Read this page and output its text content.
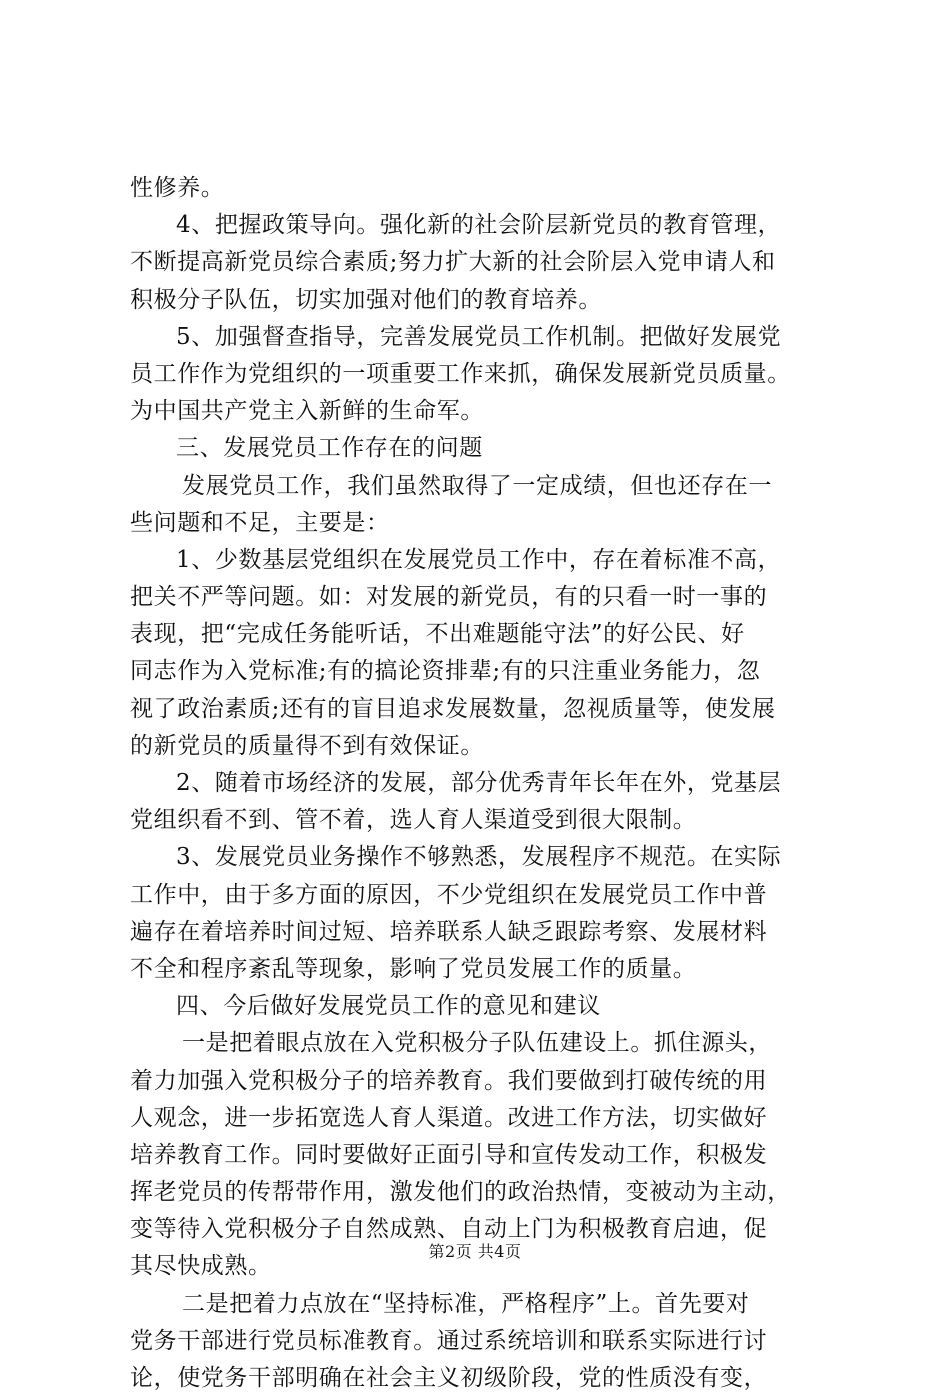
性修养。
4、把握政策导向。强化新的社会阶层新党员的教育管理，
不断提高新党员综合素质;努力扩大新的社会阶层入党申请人和
积极分子队伍，切实加强对他们的教育培养。
5、加强督查指导，完善发展党员工作机制。把做好发展党
员工作作为党组织的一项重要工作来抓，确保发展新党员质量。
为中国共产党主入新鲜的生命军。
三、发展党员工作存在的问题
发展党员工作，我们虽然取得了一定成绩，但也还存在一
些问题和不足，主要是：
1、少数基层党组织在发展党员工作中，存在着标准不高，
把关不严等问题。如：对发展的新党员，有的只看一时一事的
表现，把“完成任务能听话，不出难题能守法”的好公民、好
同志作为入党标准;有的搞论资排辈;有的只注重业务能力，忽
视了政治素质;还有的盲目追求发展数量，忽视质量等，使发展
的新党员的质量得不到有效保证。
2、随着市场经济的发展，部分优秀青年长年在外，党基层
党组织看不到、管不着，选人育人渠道受到很大限制。
3、发展党员业务操作不够熟悉，发展程序不规范。在实际
工作中，由于多方面的原因，不少党组织在发展党员工作中普
遍存在着培养时间过短、培养联系人缺乏跟踪考察、发展材料
不全和程序紊乱等现象，影响了党员发展工作的质量。
四、今后做好发展党员工作的意见和建议
一是把着眼点放在入党积极分子队伍建设上。抓住源头，
着力加强入党积极分子的培养教育。我们要做到打破传统的用
人观念，进一步拓宽选人育人渠道。改进工作方法，切实做好
培养教育工作。同时要做好正面引导和宣传发动工作，积极发
挥老党员的传帮带作用，激发他们的政治热情，变被动为主动，
变等待入党积极分子自然成熟、自动上门为积极教育启迪，促
其尽快成熟。
二是把着力点放在“坚持标准，严格程序”上。首先要对
党务干部进行党员标准教育。通过系统培训和联系实际进行讨
论，使党务干部明确在社会主义初级阶段，党的性质没有变，
第2页 共4页
